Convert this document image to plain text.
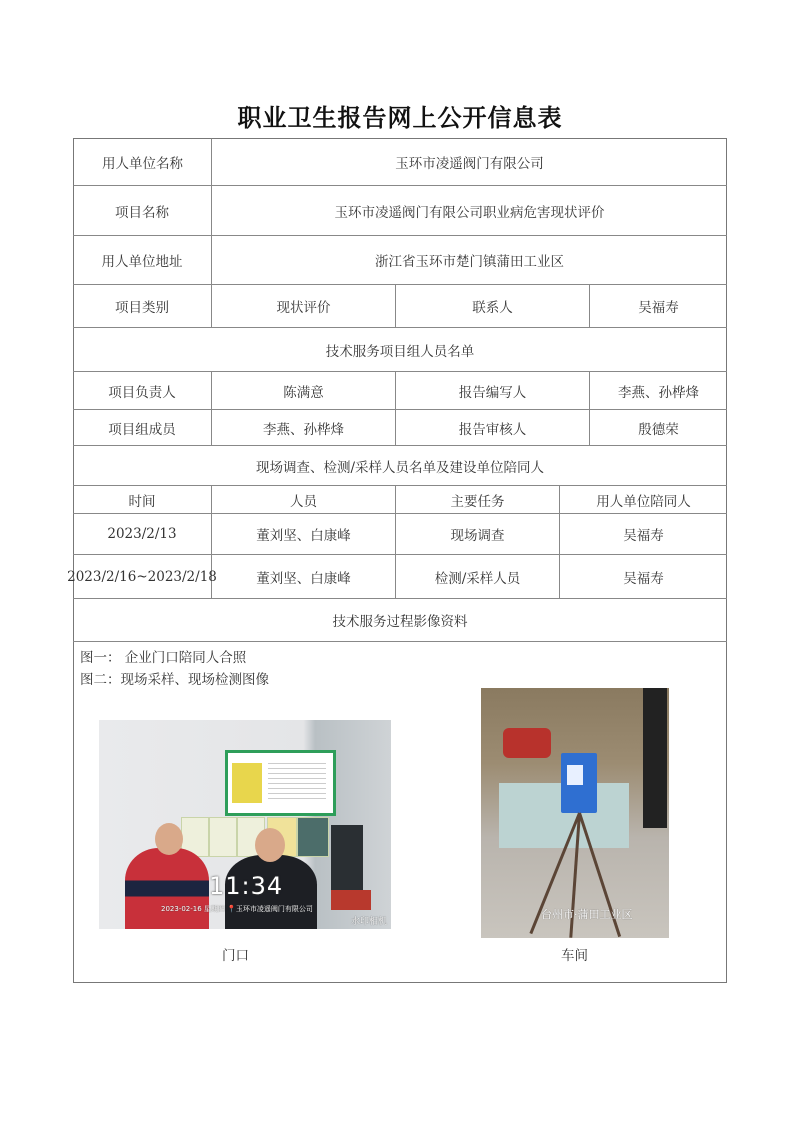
职业卫生报告网上公开信息表
用人单位名称	玉环市凌遥阀门有限公司
项目名称	玉环市凌遥阀门有限公司职业病危害现状评价
用人单位地址	浙江省玉环市楚门镇蒲田工业区
项目类别	现状评价	联系人	吴福寿
技术服务项目组人员名单
项目负责人	陈满意	报告编写人	李燕、孙桦烽
项目组成员	李燕、孙桦烽	报告审核人	殷德荣
现场调查、检测/采样人员名单及建设单位陪同人
时间	人员	主要任务	用人单位陪同人
2023/2/13	董刘坚、白康峰	现场调查	吴福寿
2023/2/16~2023/2/18	董刘坚、白康峰	检测/采样人员	吴福寿
技术服务过程影像资料
图一： 企业门口陪同人合照
图二：现场采样、现场检测图像
11:34
2023-02-16 星期四 📍玉环市凌遥阀门有限公司
水印相机
门口
台州市·蒲田工业区
车间
